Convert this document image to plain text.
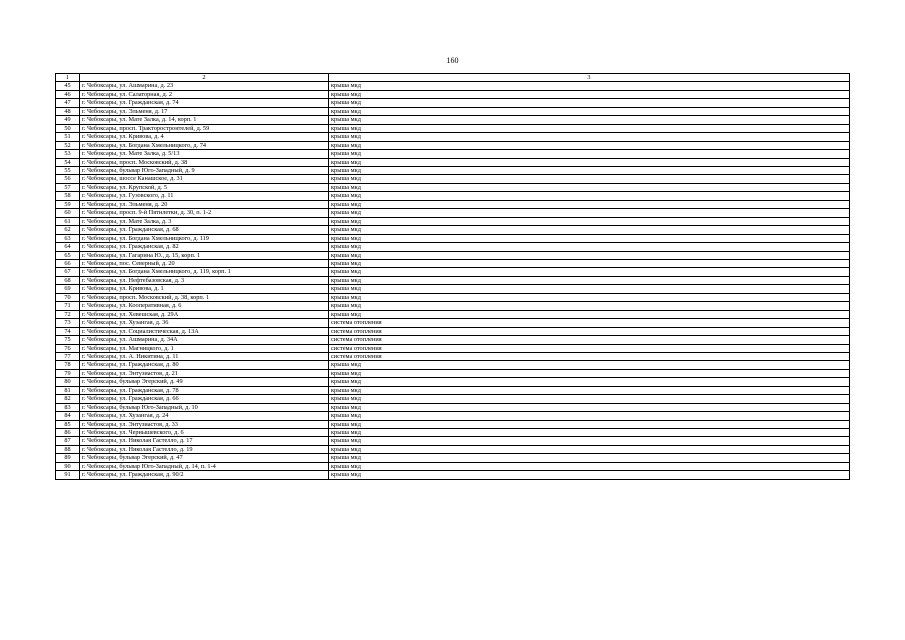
160
1	2	3
45	г. Чебоксары, ул. Ашмарина, д. 23	крыша мкд
46	г. Чебоксары, ул. Салаторная, д. 2	крыша мкд
47	г. Чебоксары, ул. Гражданская, д. 74	крыша мкд
48	г. Чебоксары, ул. Эльменя, д. 17	крыша мкд
49	г. Чебоксары, ул. Мате Залка, д. 14, корп. 1	крыша мкд
50	г. Чебоксары, просп. Тракторостроителей, д. 59	крыша мкд
51	г. Чебоксары, ул. Кривова, д. 4	крыша мкд
52	г. Чебоксары, ул. Богдана Хмельницкого, д. 74	крыша мкд
53	г. Чебоксары, ул. Мате Залка, д. 5/13	крыша мкд
54	г. Чебоксары, просп. Московский, д. 38	крыша мкд
55	г. Чебоксары, бульвар Юго-Западный, д. 9	крыша мкд
56	г. Чебоксары, шоссе Канашское, д. 31	крыша мкд
57	г. Чебоксары, ул. Крупской, д. 5	крыша мкд
58	г. Чебоксары, ул. Гузовского, д. 11	крыша мкд
59	г. Чебоксары, ул. Эльменя, д. 20	крыша мкд
60	г. Чебоксары, просп. 9-й Пятилетки, д. 30, п. 1-2	крыша мкд
61	г. Чебоксары, ул. Мате Залка, д. 3	крыша мкд
62	г. Чебоксары, ул. Гражданская, д. 68	крыша мкд
63	г. Чебоксары, ул. Богдана Хмельницкого, д. 119	крыша мкд
64	г. Чебоксары, ул. Гражданская, д. 82	крыша мкд
65	г. Чебоксары, ул. Гагарина Ю., д. 15, корп. 1	крыша мкд
66	г. Чебоксары, пос. Северный, д. 20	крыша мкд
67	г. Чебоксары, ул. Богдана Хмельницкого, д. 119, корп. 1	крыша мкд
68	г. Чебоксары, ул. Нефтебазовская, д. 3	крыша мкд
69	г. Чебоксары, ул. Кривова, д. 1	крыша мкд
70	г. Чебоксары, просп. Московский, д. 38, корп. 1	крыша мкд
71	г. Чебоксары, ул. Кооперативная, д. 6	крыша мкд
72	г. Чебоксары, ул. Хевешская, д. 29А	крыша мкд
73	г. Чебоксары, ул. Хузангая, д. 36	система отопления
74	г. Чебоксары, ул. Социалистическая, д. 13А	система отопления
75	г. Чебоксары, ул. Ашмарина, д. 34А	система отопления
76	г. Чебоксары, ул. Магницкого, д. 1	система отопления
77	г. Чебоксары, ул. А. Никитина, д. 11	система отопления
78	г. Чебоксары, ул. Гражданская, д. 80	крыша мкд
79	г. Чебоксары, ул. Энтузиастов, д. 21	крыша мкд
80	г. Чебоксары, бульвар Эгерский, д. 49	крыша мкд
81	г. Чебоксары, ул. Гражданская, д. 78	крыша мкд
82	г. Чебоксары, ул. Гражданская, д. 66	крыша мкд
83	г. Чебоксары, бульвар Юго-Западный, д. 10	крыша мкд
84	г. Чебоксары, ул. Хузангая, д. 24	крыша мкд
85	г. Чебоксары, ул. Энтузиастов, д. 33	крыша мкд
86	г. Чебоксары, ул. Чернышевского, д. 6	крыша мкд
87	г. Чебоксары, ул. Николая Гастелло, д. 17	крыша мкд
88	г. Чебоксары, ул. Николая Гастелло, д. 19	крыша мкд
89	г. Чебоксары, бульвар Эгерский, д. 47	крыша мкд
90	г. Чебоксары, бульвар Юго-Западный, д. 14, п. 1-4	крыша мкд
91	г. Чебоксары, ул. Гражданская, д. 90/2	крыша мкд
